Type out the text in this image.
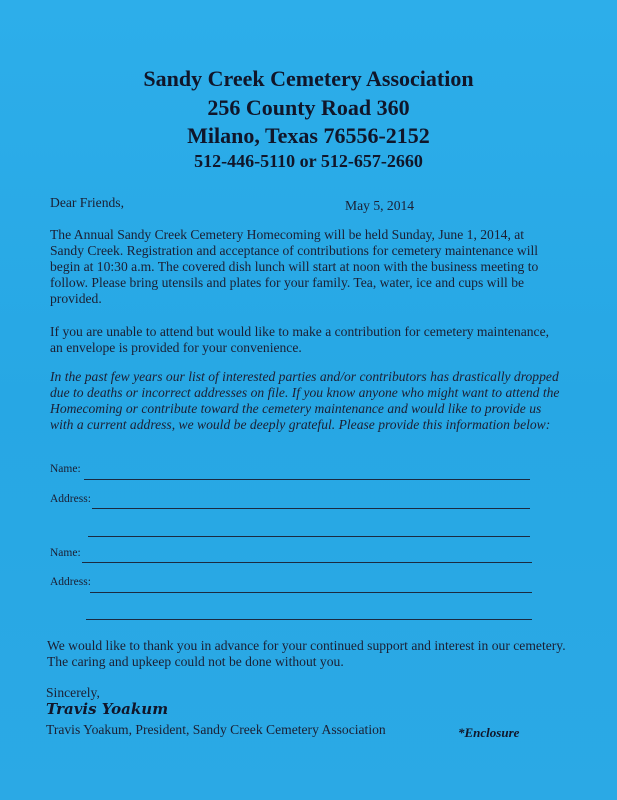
Sandy Creek Cemetery Association
256 County Road 360
Milano, Texas 76556-2152
512-446-5110 or 512-657-2660
Dear Friends,	May 5, 2014
The Annual Sandy Creek Cemetery Homecoming will be held Sunday, June 1, 2014, at Sandy Creek. Registration and acceptance of contributions for cemetery maintenance will begin at 10:30 a.m. The covered dish lunch will start at noon with the business meeting to follow. Please bring utensils and plates for your family. Tea, water, ice and cups will be provided.
If you are unable to attend but would like to make a contribution for cemetery maintenance, an envelope is provided for your convenience.
In the past few years our list of interested parties and/or contributors has drastically dropped due to deaths or incorrect addresses on file. If you know anyone who might want to attend the Homecoming or contribute toward the cemetery maintenance and would like to provide us with a current address, we would be deeply grateful. Please provide this information below:
Name:
Address:
Name:
Address:
We would like to thank you in advance for your continued support and interest in our cemetery. The caring and upkeep could not be done without you.
Sincerely,
Travis Yoakum
Travis Yoakum, President, Sandy Creek Cemetery Association	*Enclosure
